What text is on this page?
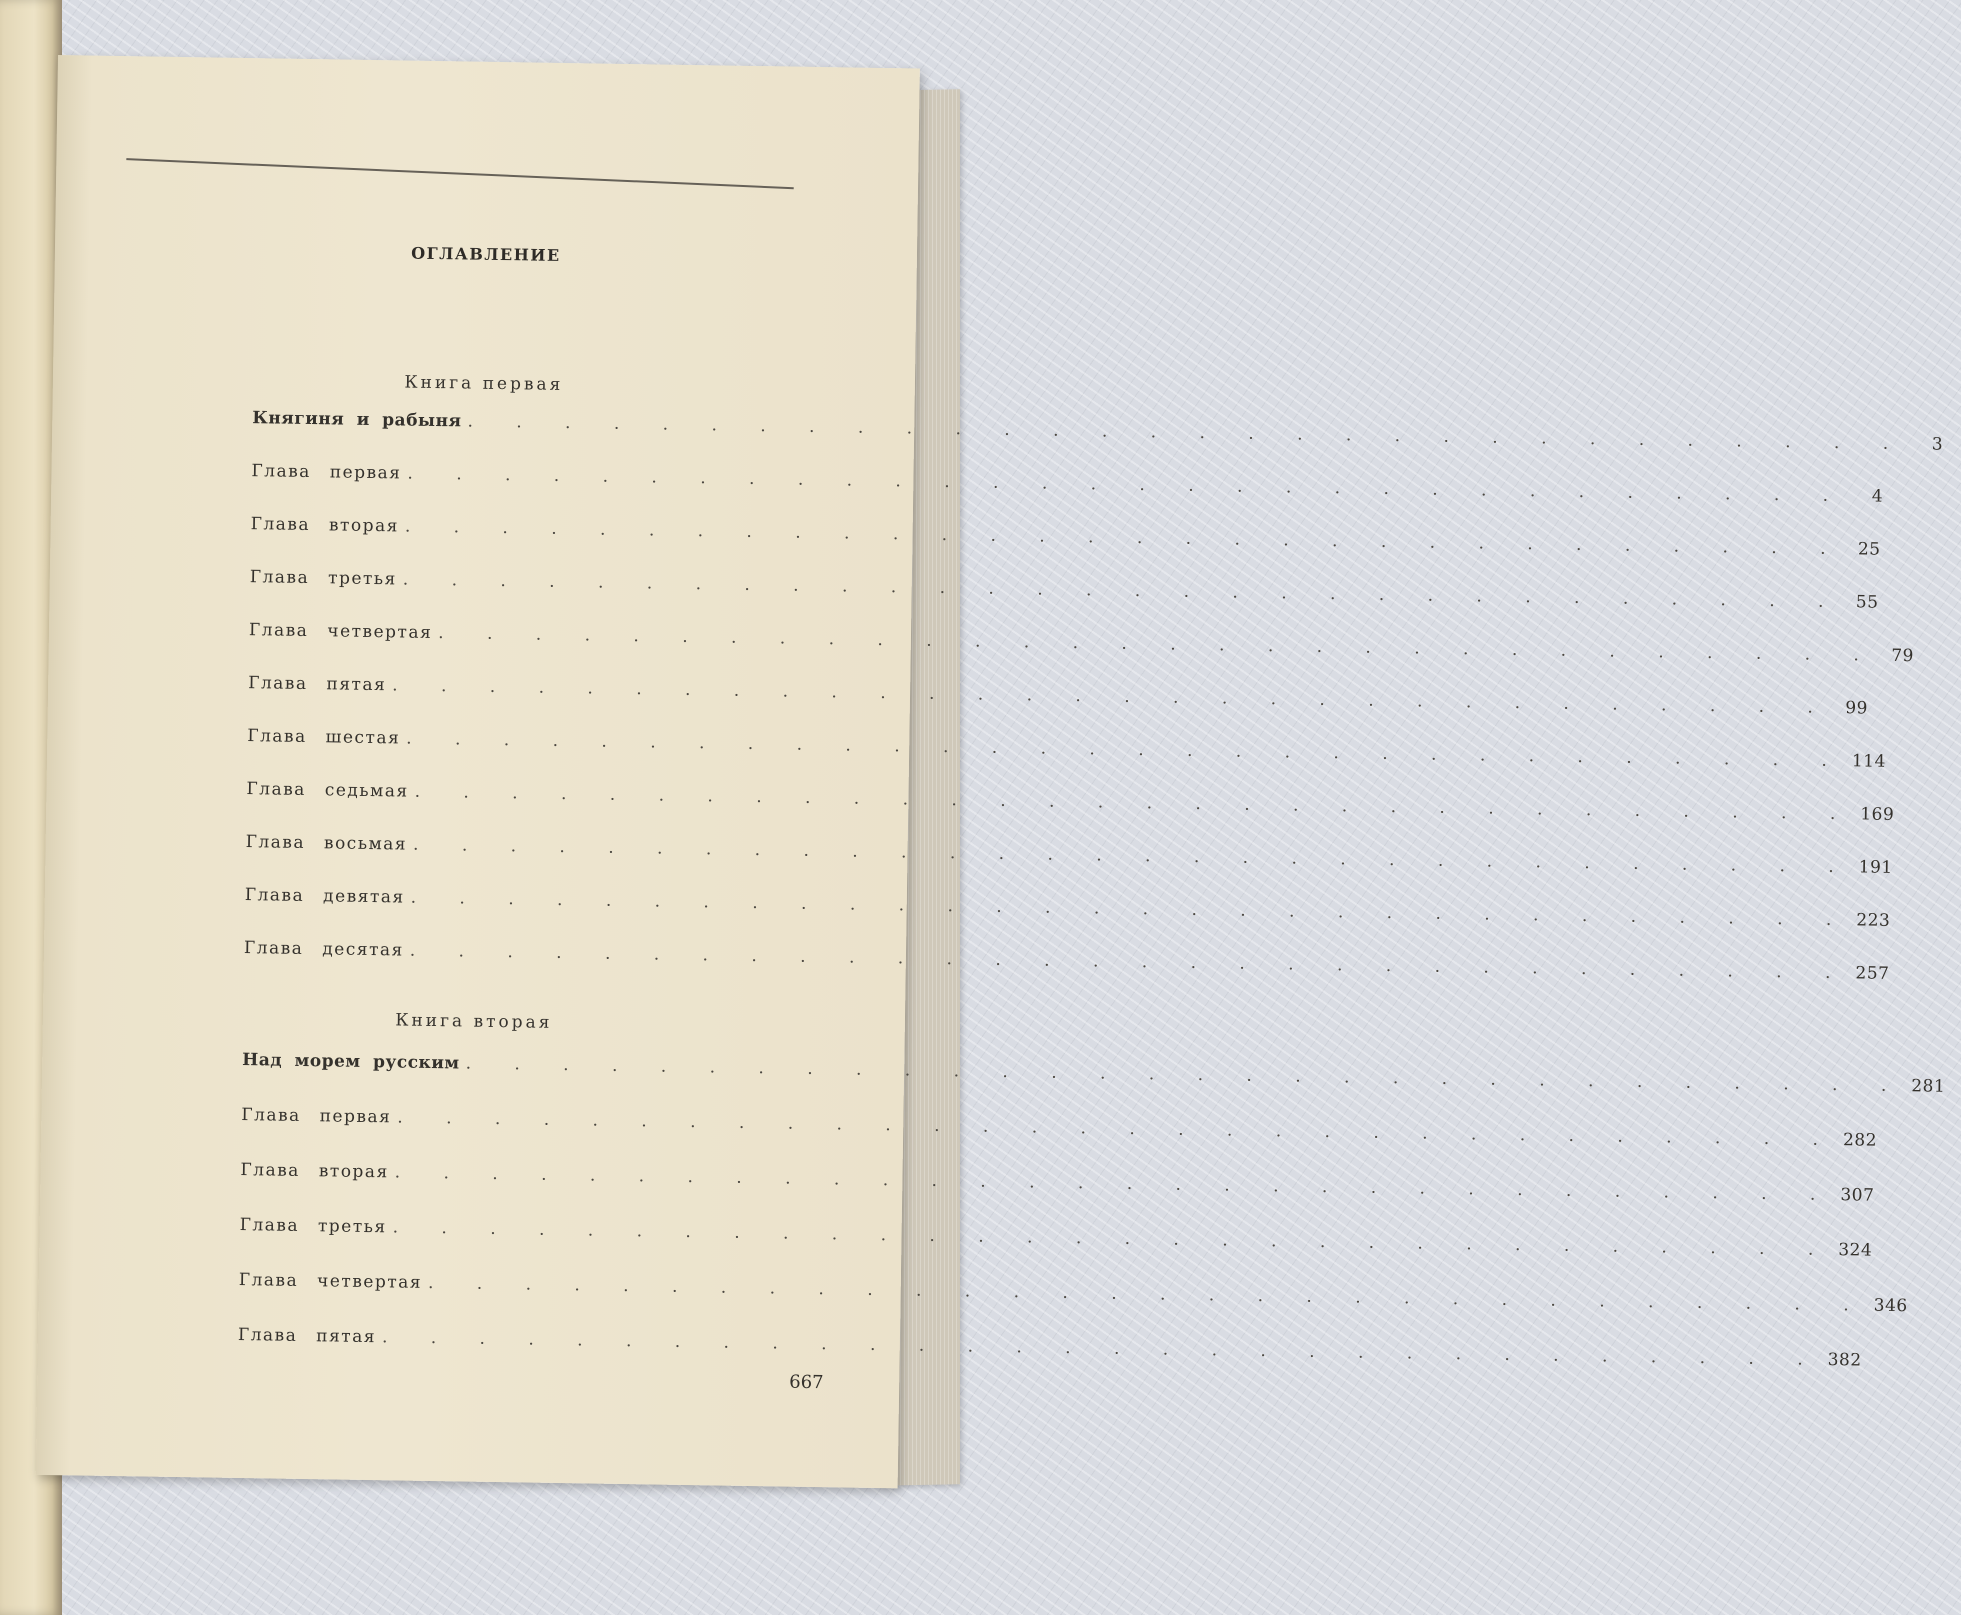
ОГЛАВЛЕНИЕ
Книга первая
Княгиня и рабыня . . . . . . . . . . . . . . . . . . . . . . . . . . . . . .	3
Глава первая . . . . . . . . . . . . . . . . . . . . . . . . . . . . . .	4
Глава вторая . . . . . . . . . . . . . . . . . . . . . . . . . . . . . . 25
Глава третья . . . . . . . . . . . . . . . . . . . . . . . . . . . . . . 55
Глава четвертая . . . . . . . . . . . . . . . . . . . . . . . . . . . . . . 79
Глава пятая . . . . . . . . . . . . . . . . . . . . . . . . . . . . . . 99
Глава шестая . . . . . . . . . . . . . . . . . . . . . . . . . . . . . . 114
Глава седьмая . . . . . . . . . . . . . . . . . . . . . . . . . . . . . . 169
Глава восьмая . . . . . . . . . . . . . . . . . . . . . . . . . . . . . . 191
Глава девятая . . . . . . . . . . . . . . . . . . . . . . . . . . . . . . 223
Глава десятая . . . . . . . . . . . . . . . . . . . . . . . . . . . . . . 257
Книга вторая
Над морем русским . . . . . . . . . . . . . . . . . . . . . . . . . . . . . . 281
Глава первая . . . . . . . . . . . . . . . . . . . . . . . . . . . . . . 282
Глава вторая . . . . . . . . . . . . . . . . . . . . . . . . . . . . . . 307
Глава третья . . . . . . . . . . . . . . . . . . . . . . . . . . . . . . 324
Глава четвертая . . . . . . . . . . . . . . . . . . . . . . . . . . . . . . 346
Глава пятая . . . . . . . . . . . . . . . . . . . . . . . . . . . . . . 382
667
